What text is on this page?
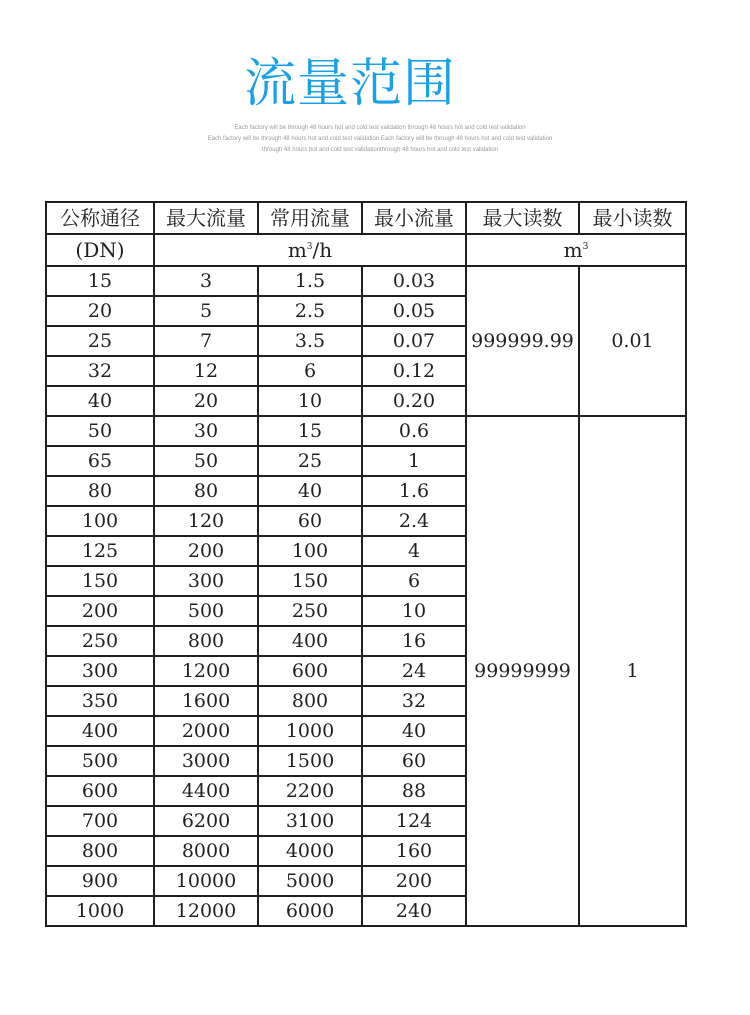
流量范围
Each factory will be through 48 hours hot and cold test validation through 48 hours hot and cold test validation
Each factory will be through 48 hours hot and cold test validation Each factory will be through 48 hours hot and cold test validation
through 48 hours hot and cold test validationthrough 48 hours hot and cold test validation
公称通径	最大流量	常用流量	最小流量	最大读数	最小读数
(DN)	$m^3/h$			$m^3$
15	3	1.5	0.03	999999.99	0.01
20	5	2.5	0.05		
25	7	3.5	0.07		
32	12	6	0.12		
40	20	10	0.20		
50	30	15	0.6	99999999	1
65	50	25	1		
80	80	40	1.6		
100	120	60	2.4		
125	200	100	4		
150	300	150	6		
200	500	250	10		
250	800	400	16		
300	1200	600	24		
350	1600	800	32		
400	2000	1000	40		
500	3000	1500	60		
600	4400	2200	88		
700	6200	3100	124		
800	8000	4000	160		
900	10000	5000	200		
1000	12000	6000	240		
